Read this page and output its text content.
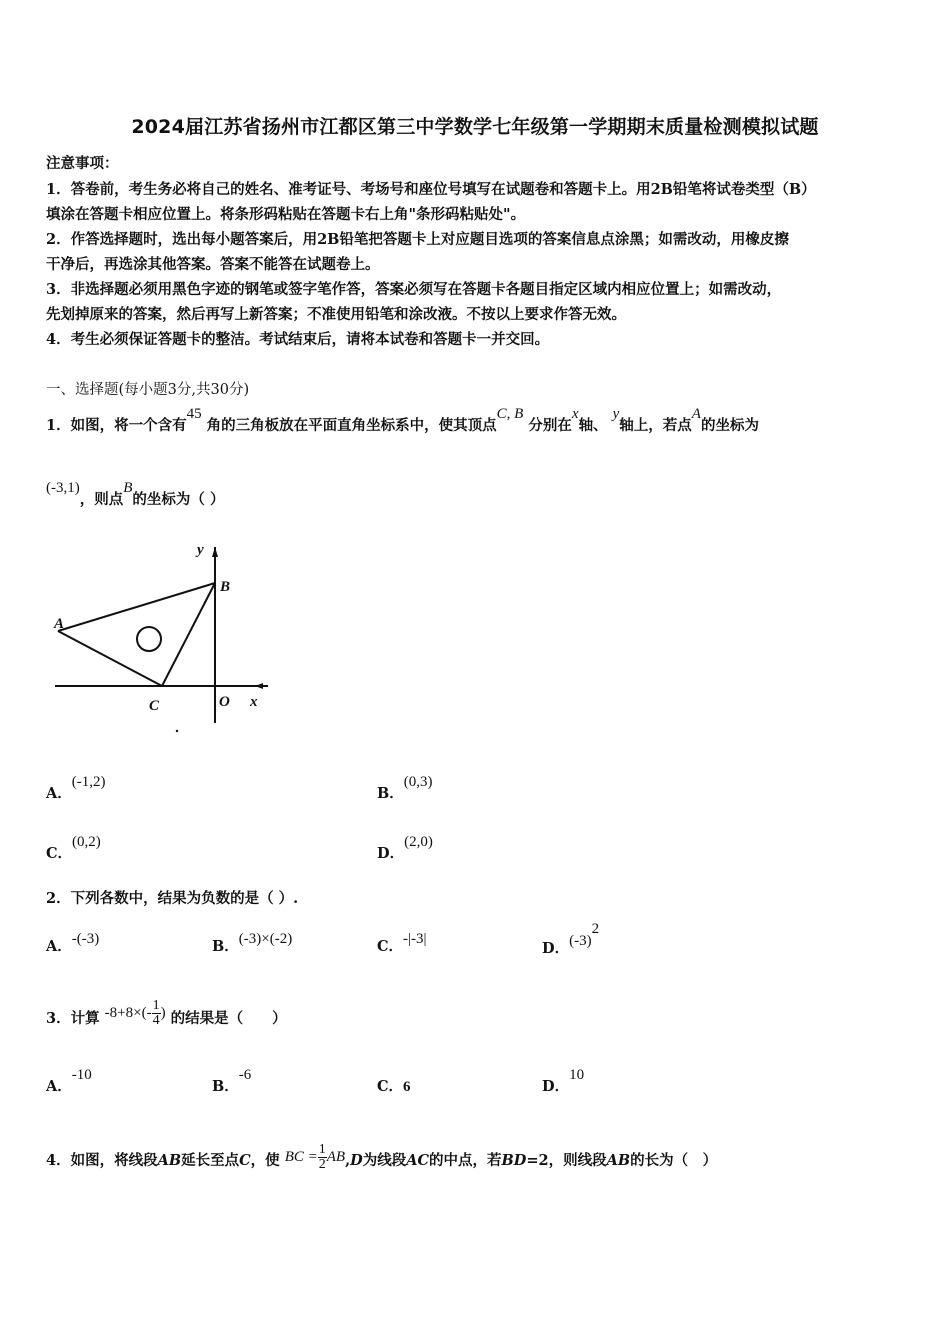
2024届江苏省扬州市江都区第三中学数学七年级第一学期期末质量检测模拟试题
注意事项：
1．答卷前，考生务必将自己的姓名、准考证号、考场号和座位号填写在试题卷和答题卡上。用2B铅笔将试卷类型（B）
填涂在答题卡相应位置上。将条形码粘贴在答题卡右上角"条形码粘贴处"。
2．作答选择题时，选出每小题答案后，用2B铅笔把答题卡上对应题目选项的答案信息点涂黑；如需改动，用橡皮擦
干净后，再选涂其他答案。答案不能答在试题卷上。
3．非选择题必须用黑色字迹的钢笔或签字笔作答，答案必须写在答题卡各题目指定区域内相应位置上；如需改动，
先划掉原来的答案，然后再写上新答案；不准使用铅笔和涂改液。不按以上要求作答无效。
4．考生必须保证答题卡的整洁。考试结束后，请将本试卷和答题卡一并交回。
一、选择题(每小题3分,共30分)
1．如图，将一个含有45 角的三角板放在平面直角坐标系中，使其顶点C, B 分别在x轴、 y轴上，若点A的坐标为
(-3,1)，则点B的坐标为（ ）
y
B
A
C	O x
A．(-1,2)
B．(0,3)
C．(0,2)
D．(2,0)
2．下列各数中，结果为负数的是（ ）.
A．-(-3)	B．(-3)×(-2)	C．-|-3|
D．$(-3)^2$
3．计算 $-8+8\times(- \frac{1}{4}$ ) 的结果是（　　）
A．-10
B．-6
C．6	D．10
4．如图，将线段AB延长至点C，使 BC = $\frac{1}{2} AB,D$为线段AC的中点，若BD=2，则线段AB的长为（　）
